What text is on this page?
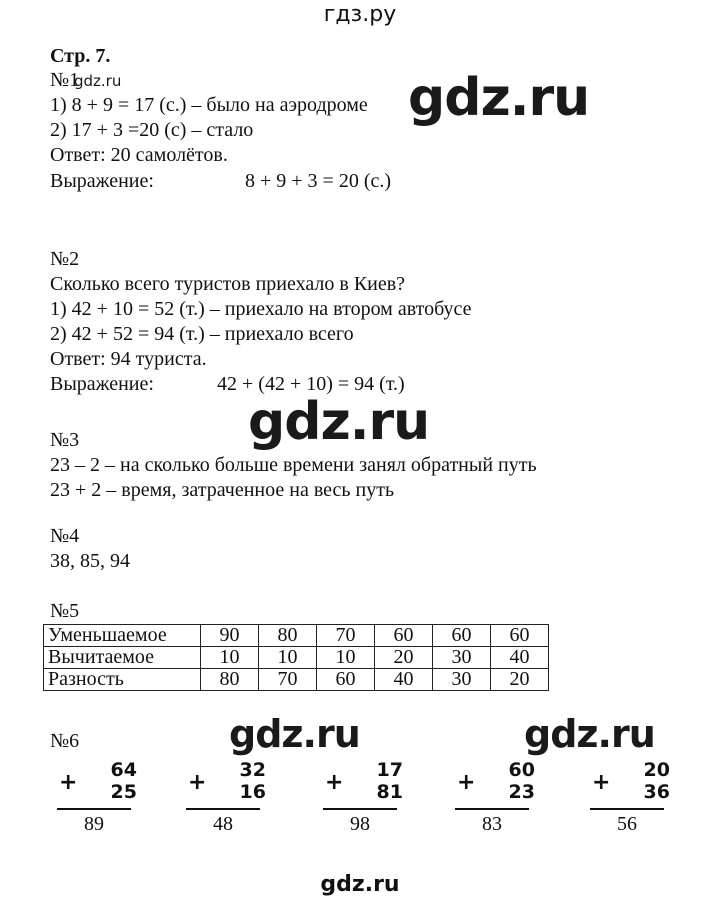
гдз.ру
Стр. 7.
№1
gdz.ru
1) 8 + 9 = 17 (с.) – было на аэродроме
2) 17 + 3 =20 (с) – стало
Ответ: 20 самолётов.
Выражение:	8 + 9 + 3 = 20 (с.)
gdz.ru
№2
Сколько всего туристов приехало в Киев?
1) 42 + 10 = 52 (т.) – приехало на втором автобусе
2) 42 + 52 = 94 (т.) – приехало всего
Ответ: 94 туриста.
Выражение:	42 + (42 + 10) = 94 (т.)
gdz.ru
№3
23 – 2 – на сколько больше времени занял обратный путь
23 + 2 – время, затраченное на весь путь
№4
38, 85, 94
№5
Уменьшаемое	90	80	70	60	60	60
Вычитаемое	10	10	10	20	30	40
Разность	80	70	60	40	30	20
№6	gdz.ru	gdz.ru
+ 64
25
89
+ 32
16
48
+ 17
81
98
+ 60
23
83
+ 20
36
56
gdz.ru
